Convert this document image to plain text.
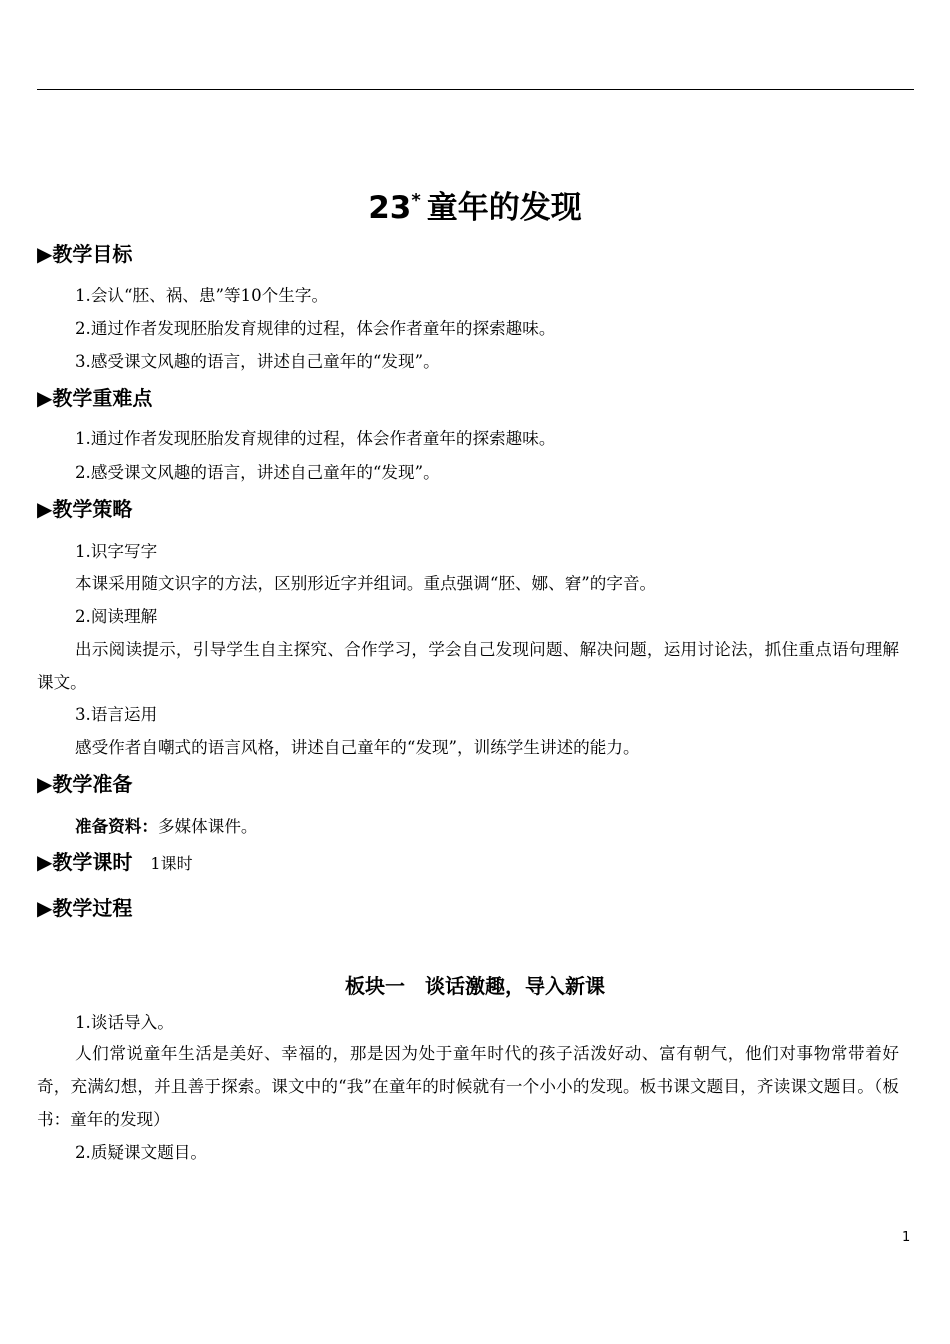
23* 童年的发现
▶教学目标
1.会认“胚、祸、患”等10个生字。
2.通过作者发现胚胎发育规律的过程，体会作者童年的探索趣味。
3.感受课文风趣的语言，讲述自己童年的“发现”。
▶教学重难点
1.通过作者发现胚胎发育规律的过程，体会作者童年的探索趣味。
2.感受课文风趣的语言，讲述自己童年的“发现”。
▶教学策略
1.识字写字
本课采用随文识字的方法，区别形近字并组词。重点强调“胚、娜、窘”的字音。
2.阅读理解
出示阅读提示，引导学生自主探究、合作学习，学会自己发现问题、解决问题，运用讨论法，抓住重点语句理解课文。
3.语言运用
感受作者自嘲式的语言风格，讲述自己童年的“发现”，训练学生讲述的能力。
▶教学准备
准备资料：多媒体课件。
▶教学课时 1课时
▶教学过程
板块一　谈话激趣，导入新课
1.谈话导入。
人们常说童年生活是美好、幸福的，那是因为处于童年时代的孩子活泼好动、富有朝气，他们对事物常带着好奇，充满幻想，并且善于探索。课文中的“我”在童年的时候就有一个小小的发现。板书课文题目，齐读课文题目。（板书：童年的发现）
2.质疑课文题目。
1
